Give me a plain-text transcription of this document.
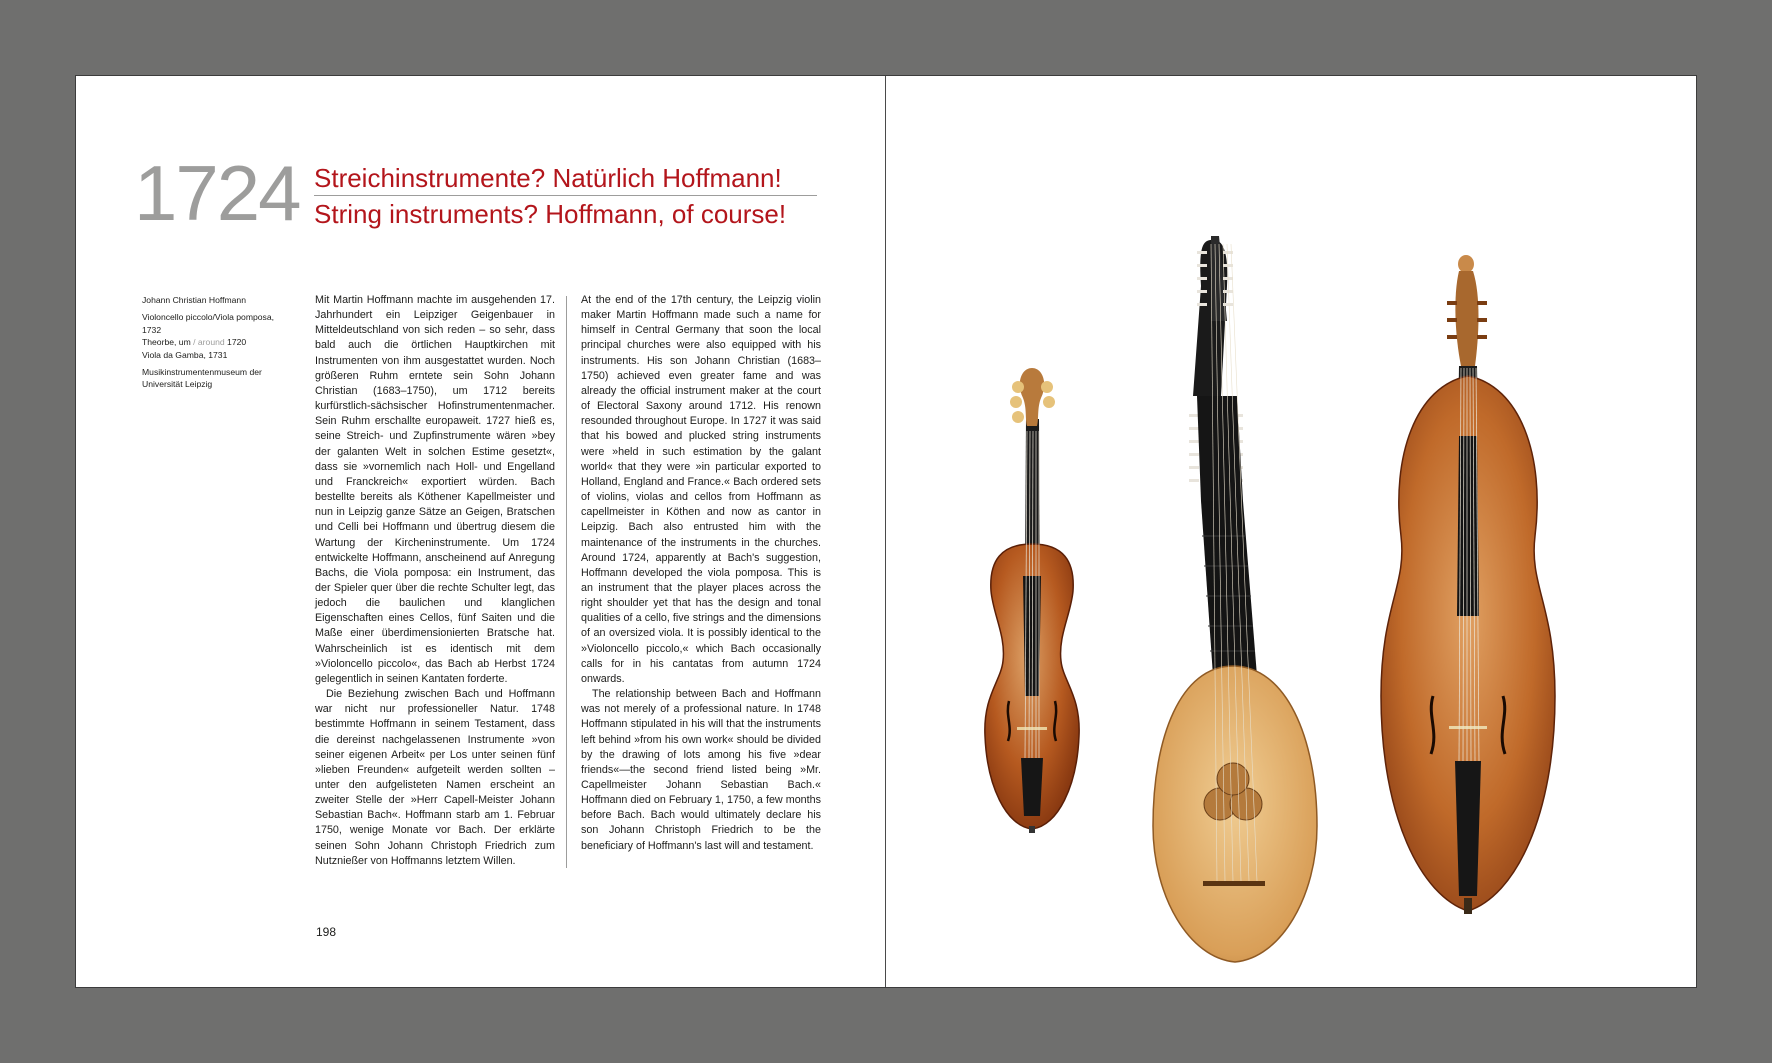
1724 Streichinstrumente? Natürlich Hoffmann!
String instruments? Hoffmann, of course!
Johann Christian Hoffmann
Violoncello piccolo/Viola pomposa, 1732
Theorbe, um / around 1720
Viola da Gamba, 1731
Musikinstrumentenmuseum der
Universität Leipzig

Mit Martin Hoffmann machte im ausgehenden 17. Jahrhundert ein Leipziger Geigenbauer in Mitteldeutschland von sich reden – so sehr, dass bald auch die örtlichen Hauptkirchen mit Instrumenten von ihm ausgestattet wurden. Noch größeren Ruhm erntete sein Sohn Johann Christian (1683–1750), um 1712 bereits kurfürstlich-sächsischer Hofinstrumentenmacher. Sein Ruhm erschallte europaweit. 1727 hieß es, seine Streich- und Zupfinstrumente wären »bey der galanten Welt in solchen Estime gesetzt«, dass sie »vornemlich nach Holl- und Engelland und Franckreich« exportiert würden. Bach bestellte bereits als Köthener Kapellmeister und nun in Leipzig ganze Sätze an Geigen, Bratschen und Celli bei Hoffmann und übertrug diesem die Wartung der Kircheninstrumente. Um 1724 entwickelte Hoffmann, anscheinend auf Anregung Bachs, die Viola pomposa: ein Instrument, das der Spieler quer über die rechte Schulter legt, das jedoch die baulichen und klanglichen Eigenschaften eines Cellos, fünf Saiten und die Maße einer überdimensionierten Bratsche hat. Wahrscheinlich ist es identisch mit dem »Violoncello piccolo«, das Bach ab Herbst 1724 gelegentlich in seinen Kantaten forderte.

Die Beziehung zwischen Bach und Hoffmann war nicht nur professioneller Natur. 1748 bestimmte Hoffmann in seinem Testament, dass die dereinst nachgelassenen Instrumente »von seiner eigenen Arbeit« per Los unter seinen fünf »lieben Freunden« aufgeteilt werden sollten – unter den aufgelisteten Namen erscheint an zweiter Stelle der »Herr Capell-Meister Johann Sebastian Bach«. Hoffmann starb am 1. Februar 1750, wenige Monate vor Bach. Der erklärte seinen Sohn Johann Christoph Friedrich zum Nutznießer von Hoffmanns letztem Willen.

At the end of the 17th century, the Leipzig violin maker Martin Hoffmann made such a name for himself in Central Germany that soon the local principal churches were also equipped with his instruments. His son Johann Christian (1683–1750) achieved even greater fame and was already the official instrument maker at the court of Electoral Saxony around 1712. His renown resounded throughout Europe. In 1727 it was said that his bowed and plucked string instruments were »held in such estimation by the galant world« that they were »in particular exported to Holland, England and France.« Bach ordered sets of violins, violas and cellos from Hoffmann as capellmeister in Köthen and now as cantor in Leipzig. Bach also entrusted him with the maintenance of the instruments in the churches. Around 1724, apparently at Bach's suggestion, Hoffmann developed the viola pomposa. This is an instrument that the player places across the right shoulder yet that has the design and tonal qualities of a cello, five strings and the dimensions of an oversized viola. It is possibly identical to the »Violoncello piccolo,« which Bach occasionally calls for in his cantatas from autumn 1724 onwards.

The relationship between Bach and Hoffmann was not merely of a professional nature. In 1748 Hoffmann stipulated in his will that the instruments left behind »from his own work« should be divided by the drawing of lots among his five »dear friends«—the second friend listed being »Mr. Capellmeister Johann Sebastian Bach.« Hoffmann died on February 1, 1750, a few months before Bach. Bach would ultimately declare his son Johann Christoph Friedrich to be the beneficiary of Hoffmann's last will and testament.

198
